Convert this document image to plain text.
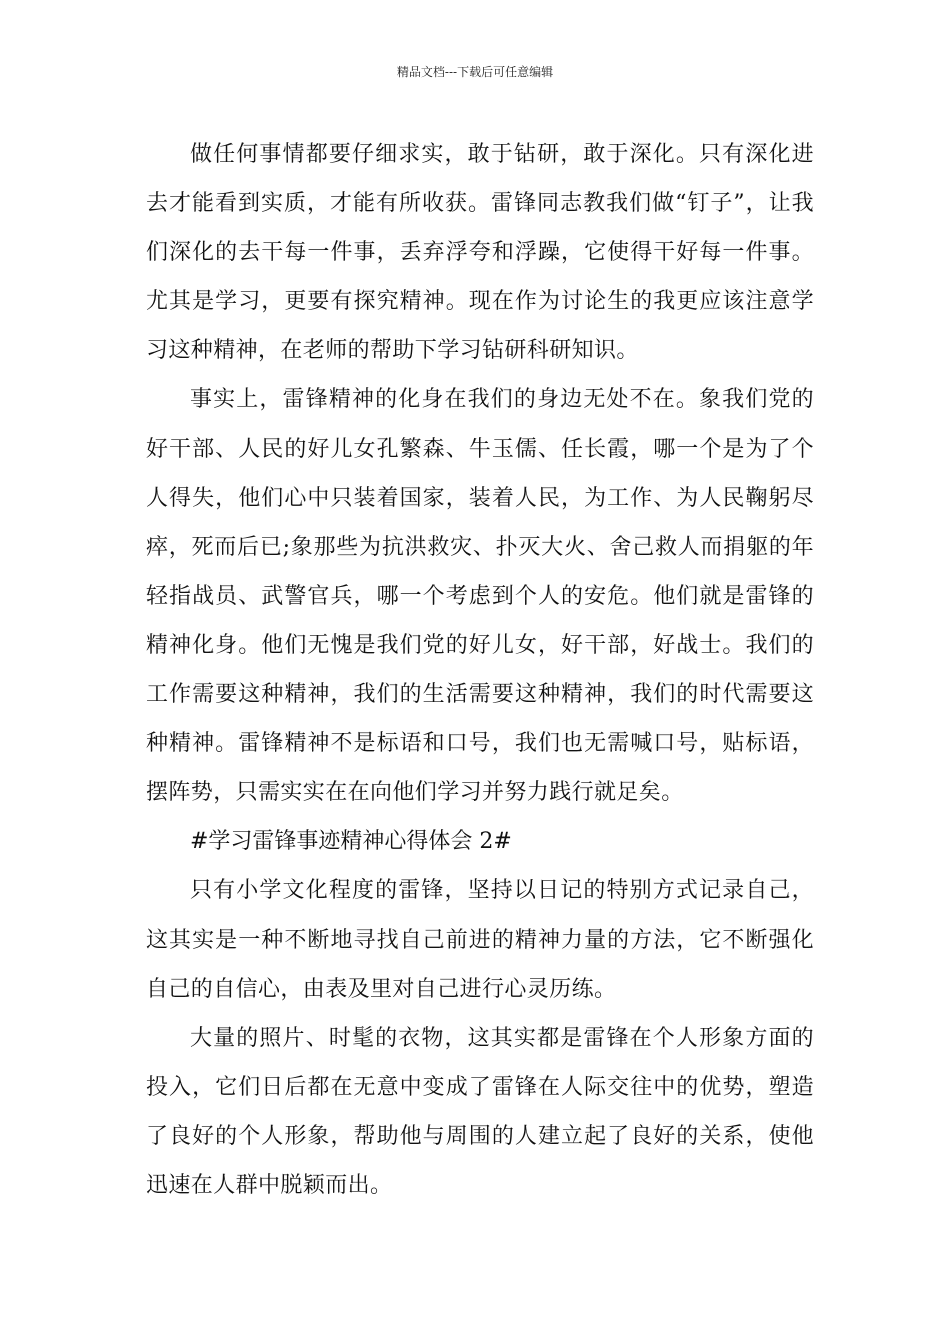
精品文档---下载后可任意编辑

做任何事情都要仔细求实，敢于钻研，敢于深化。只有深化进去才能看到实质，才能有所收获。雷锋同志教我们做“钉子”，让我们深化的去干每一件事，丢弃浮夸和浮躁，它使得干好每一件事。尤其是学习，更要有探究精神。现在作为讨论生的我更应该注意学习这种精神，在老师的帮助下学习钻研科研知识。

事实上，雷锋精神的化身在我们的身边无处不在。象我们党的好干部、人民的好儿女孔繁森、牛玉儒、任长霞，哪一个是为了个人得失，他们心中只装着国家，装着人民，为工作、为人民鞠躬尽瘁，死而后已;象那些为抗洪救灾、扑灭大火、舍己救人而捐躯的年轻指战员、武警官兵，哪一个考虑到个人的安危。他们就是雷锋的精神化身。他们无愧是我们党的好儿女，好干部，好战士。我们的工作需要这种精神，我们的生活需要这种精神，我们的时代需要这种精神。雷锋精神不是标语和口号，我们也无需喊口号，贴标语，摆阵势，只需实实在在向他们学习并努力践行就足矣。

#学习雷锋事迹精神心得体会 2#

只有小学文化程度的雷锋，坚持以日记的特别方式记录自己，这其实是一种不断地寻找自己前进的精神力量的方法，它不断强化自己的自信心，由表及里对自己进行心灵历练。

大量的照片、时髦的衣物，这其实都是雷锋在个人形象方面的投入，它们日后都在无意中变成了雷锋在人际交往中的优势，塑造了良好的个人形象，帮助他与周围的人建立起了良好的关系，使他迅速在人群中脱颖而出。
